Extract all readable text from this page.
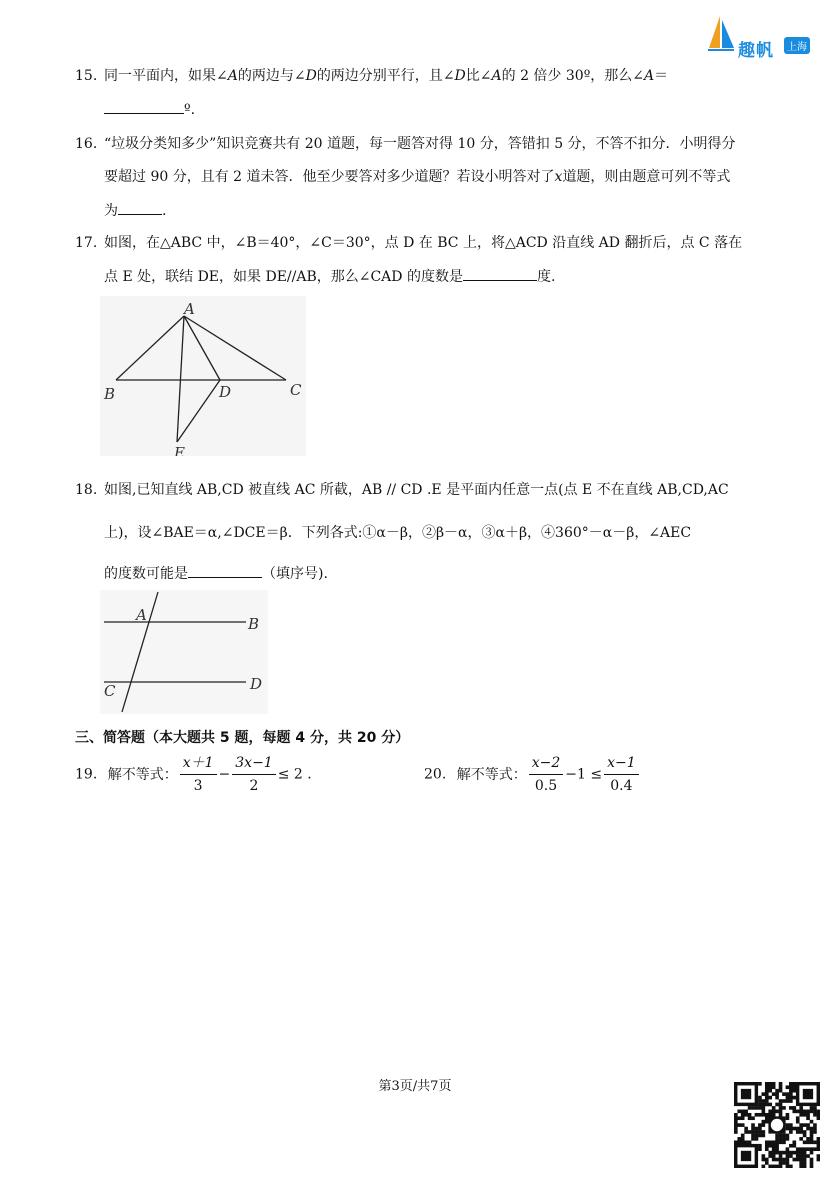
趣帆	上海
15. 同一平面内，如果∠A的两边与∠D的两边分别平行，且∠D比∠A的 2 倍少 30º，那么∠A＝
º.
16. “垃圾分类知多少”知识竞赛共有 20 道题，每一题答对得 10 分，答错扣 5 分，不答不扣分．小明得分
要超过 90 分，且有 2 道未答．他至少要答对多少道题？若设小明答对了x道题，则由题意可列不等式
为	.
17. 如图，在△ABC 中，∠B＝40°，∠C＝30°，点 D 在 BC 上，将△ACD 沿直线 AD 翻折后，点 C 落在
点 E 处，联结 DE，如果 DE//AB，那么∠CAD 的度数是	度.
A
B	C
D
E
18. 如图,已知直线 AB,CD 被直线 AC 所截，AB // CD .E 是平面内任意一点(点 E 不在直线 AB,CD,AC
上)，设∠BAE＝α,∠DCE＝β．下列各式:①α－β，②β－α，③α＋β，④360°－α－β，∠AEC
的度数可能是	（填序号).
A	B
C	D
三、简答题（本大题共 5 题，每题 4 分，共 20 分）
19. 解不等式： $\frac{x+1}{3} - \frac{3x-1}{2} \le 2$ .	20. 解不等式： $\frac{x-2}{0.5} -1 \le \frac{x-1}{0.4}$
第3页/共7页
